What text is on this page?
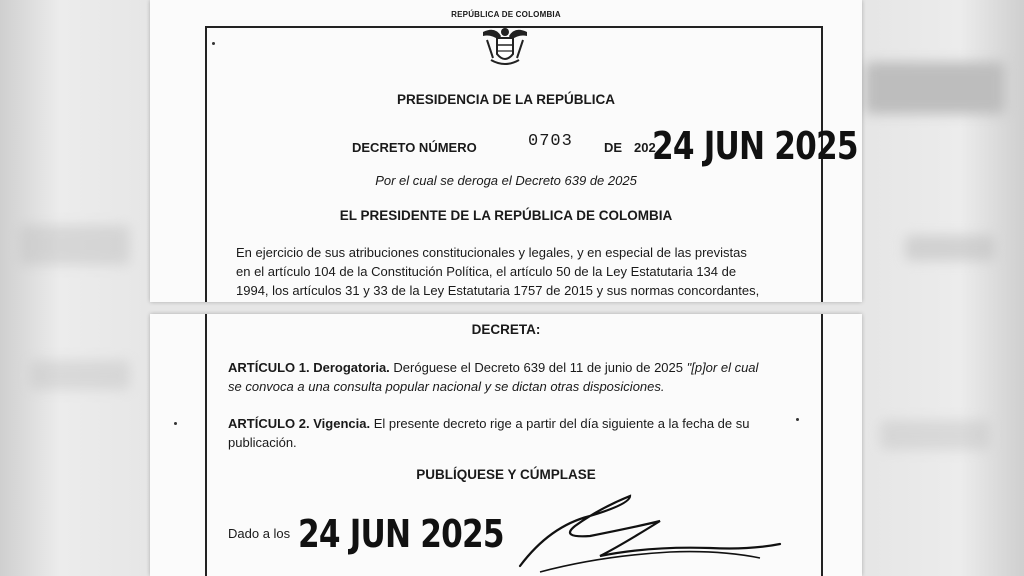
REPÚBLICA DE COLOMBIA
PRESIDENCIA DE LA REPÚBLICA
DECRETO NÚMERO	0703 DE 202
24 JUN 2025
Por el cual se deroga el Decreto 639 de 2025
EL PRESIDENTE DE LA REPÚBLICA DE COLOMBIA
En ejercicio de sus atribuciones constitucionales y legales, y en especial de las previstas
en el artículo 104 de la Constitución Política, el artículo 50 de la Ley Estatutaria 134 de
1994, los artículos 31 y 33 de la Ley Estatutaria 1757 de 2015 y sus normas concordantes,
DECRETA:
ARTÍCULO 1. Derogatoria. Deróguese el Decreto 639 del 11 de junio de 2025 "[p]or el cual
se convoca a una consulta popular nacional y se dictan otras disposiciones.
ARTÍCULO 2. Vigencia. El presente decreto rige a partir del día siguiente a la fecha de su
publicación.
PUBLÍQUESE Y CÚMPLASE
Dado a los 24 JUN 2025
